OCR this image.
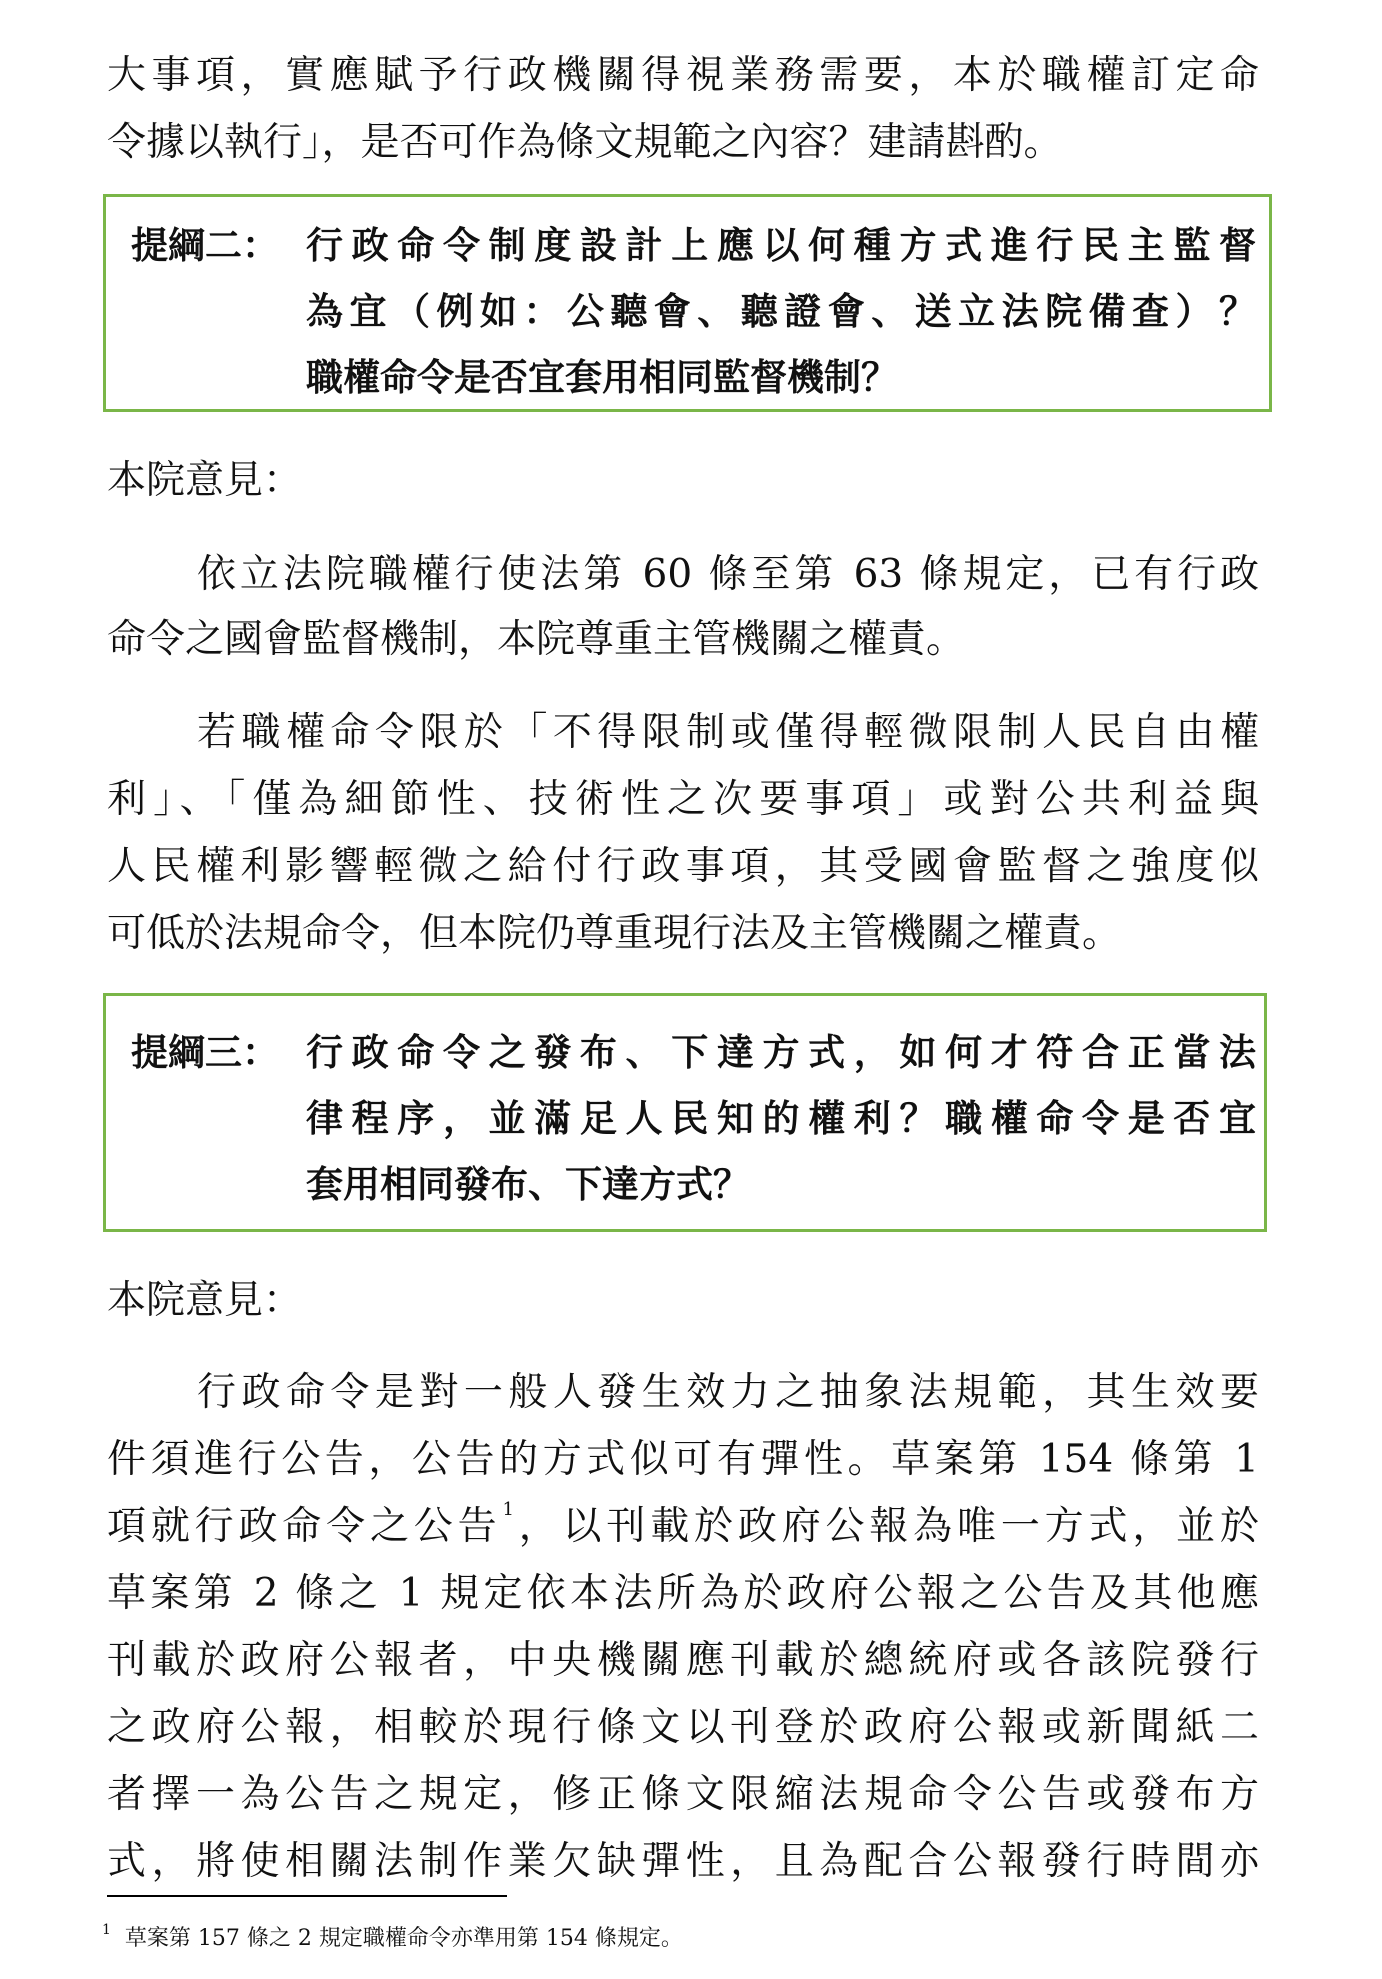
大事項，實應賦予行政機關得視業務需要，本於職權訂定命
令據以執行」，是否可作為條文規範之內容？建請斟酌。
提綱二： 行政命令制度設計上應以何種方式進行民主監督
為宜（例如：公聽會、聽證會、送立法院備查）？
職權命令是否宜套用相同監督機制？
本院意見：
依立法院職權行使法第 60 條至第 63 條規定，已有行政
命令之國會監督機制，本院尊重主管機關之權責。
若職權命令限於「不得限制或僅得輕微限制人民自由權
利」、「僅為細節性、技術性之次要事項」或對公共利益與
人民權利影響輕微之給付行政事項，其受國會監督之強度似
可低於法規命令，但本院仍尊重現行法及主管機關之權責。
提綱三： 行政命令之發布、下達方式，如何才符合正當法
律程序，並滿足人民知的權利？職權命令是否宜
套用相同發布、下達方式？
本院意見：
行政命令是對一般人發生效力之抽象法規範，其生效要
件須進行公告，公告的方式似可有彈性。草案第 154 條第 1
項就行政命令之公告$^1$，以刊載於政府公報為唯一方式，並於
草案第 2 條之 1 規定依本法所為於政府公報之公告及其他應
刊載於政府公報者，中央機關應刊載於總統府或各該院發行
之政府公報，相較於現行條文以刊登於政府公報或新聞紙二
者擇一為公告之規定，修正條文限縮法規命令公告或發布方
式，將使相關法制作業欠缺彈性，且為配合公報發行時間亦
$^1$ 草案第 157 條之 2 規定職權命令亦準用第 154 條規定。
